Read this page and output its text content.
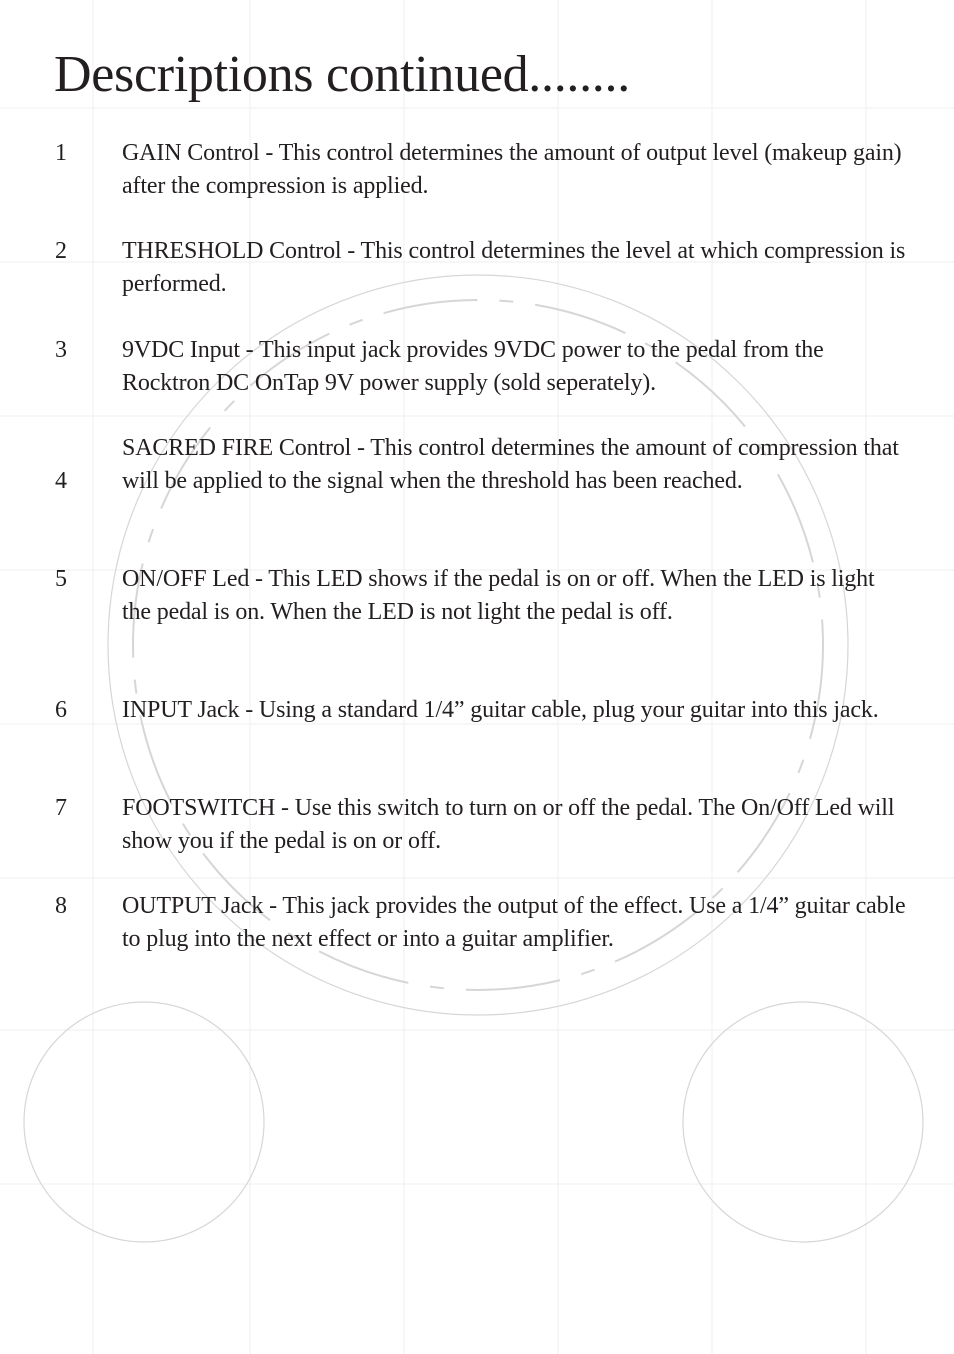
Descriptions continued........
1 GAIN Control - This control determines the amount of output level (makeup gain) after the compression is applied.

2 THRESHOLD Control - This control determines the level at which compression is performed.

3 9VDC Input - This input jack provides 9VDC power to the pedal from the Rocktron DC OnTap 9V power supply (sold seperately).

4

SACRED FIRE Control - This control determines the amount of compression that will be applied to the signal when the threshold has been reached.

5 ON/OFF Led - This LED shows if the pedal is on or off. When the LED is light the pedal is on. When the LED is not light the pedal is off.

6 INPUT Jack - Using a standard 1/4” guitar cable, plug your guitar into this jack.

7 FOOTSWITCH - Use this switch to turn on or off the pedal. The On/Off Led will show you if the pedal is on or off.

8 OUTPUT Jack - This jack provides the output of the effect. Use a 1/4” guitar cable to plug into the next effect or into a guitar amplifier.
